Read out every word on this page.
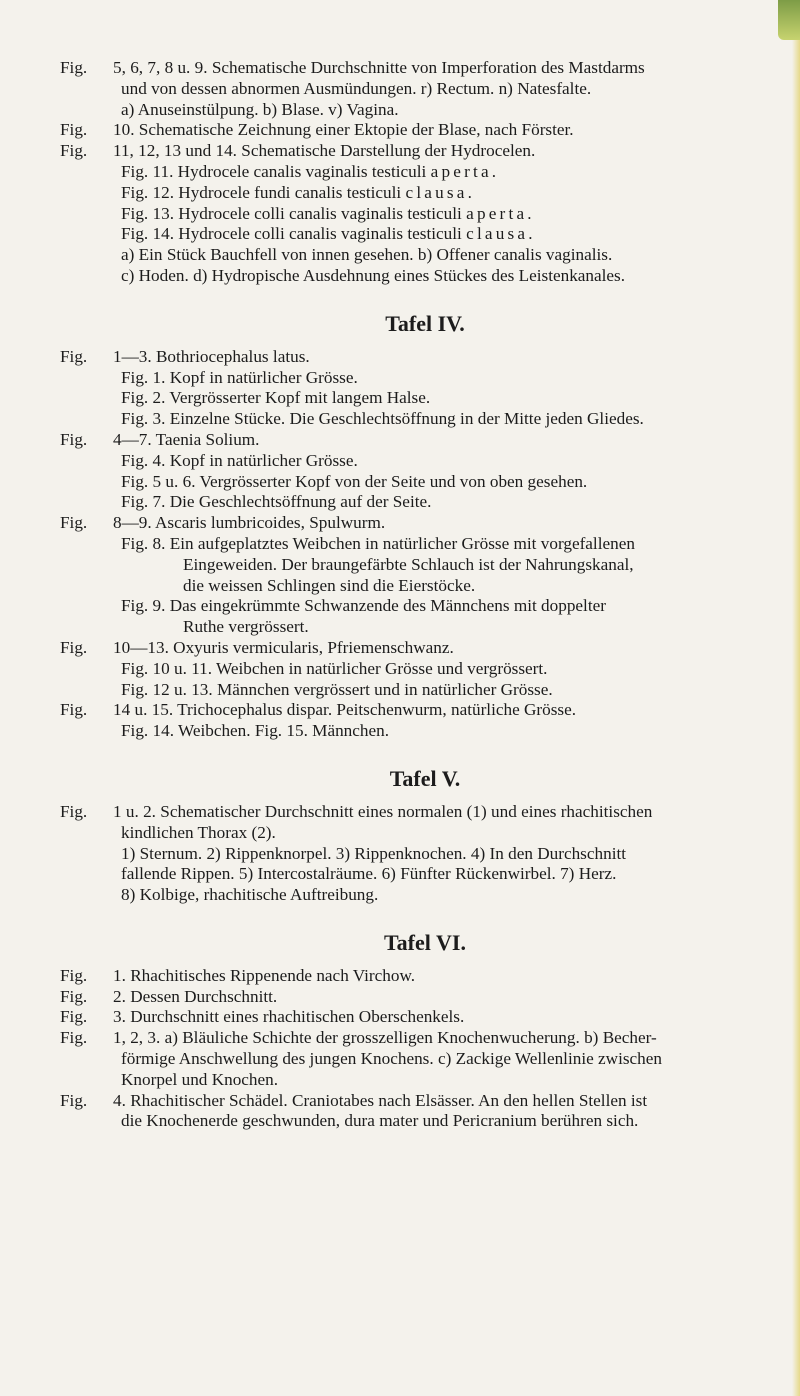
Fig. 5, 6, 7, 8 u. 9. Schematische Durchschnitte von Imperforation des Mastdarms
und von dessen abnormen Ausmündungen. r) Rectum. n) Natesfalte.
a) Anuseinstülpung. b) Blase. v) Vagina.
Fig. 10. Schematische Zeichnung einer Ektopie der Blase, nach Förster.
Fig. 11, 12, 13 und 14. Schematische Darstellung der Hydrocelen.
Fig. 11. Hydrocele canalis vaginalis testiculi aperta.
Fig. 12. Hydrocele fundi canalis testiculi clausa.
Fig. 13. Hydrocele colli canalis vaginalis testiculi aperta.
Fig. 14. Hydrocele colli canalis vaginalis testiculi clausa.
a) Ein Stück Bauchfell von innen gesehen. b) Offener canalis vaginalis.
c) Hoden. d) Hydropische Ausdehnung eines Stückes des Leistenkanales.
Tafel IV.
Fig. 1—3. Bothriocephalus latus.
Fig. 1. Kopf in natürlicher Grösse.
Fig. 2. Vergrösserter Kopf mit langem Halse.
Fig. 3. Einzelne Stücke. Die Geschlechtsöffnung in der Mitte jeden Gliedes.
Fig. 4—7. Taenia Solium.
Fig. 4. Kopf in natürlicher Grösse.
Fig. 5 u. 6. Vergrösserter Kopf von der Seite und von oben gesehen.
Fig. 7. Die Geschlechtsöffnung auf der Seite.
Fig. 8—9. Ascaris lumbricoides, Spulwurm.
Fig. 8. Ein aufgeplatztes Weibchen in natürlicher Grösse mit vorgefallenen
Eingeweiden. Der braungefärbte Schlauch ist der Nahrungskanal,
die weissen Schlingen sind die Eierstöcke.
Fig. 9. Das eingekrümmte Schwanzende des Männchens mit doppelter
Ruthe vergrössert.
Fig. 10—13. Oxyuris vermicularis, Pfriemenschwanz.
Fig. 10 u. 11. Weibchen in natürlicher Grösse und vergrössert.
Fig. 12 u. 13. Männchen vergrössert und in natürlicher Grösse.
Fig. 14 u. 15. Trichocephalus dispar. Peitschenwurm, natürliche Grösse.
Fig. 14. Weibchen. Fig. 15. Männchen.
Tafel V.
Fig. 1 u. 2. Schematischer Durchschnitt eines normalen (1) und eines rhachitischen
kindlichen Thorax (2).
1) Sternum. 2) Rippenknorpel. 3) Rippenknochen. 4) In den Durchschnitt
fallende Rippen. 5) Intercostalräume. 6) Fünfter Rückenwirbel. 7) Herz.
8) Kolbige, rhachitische Auftreibung.
Tafel VI.
Fig. 1. Rhachitisches Rippenende nach Virchow.
Fig. 2. Dessen Durchschnitt.
Fig. 3. Durchschnitt eines rhachitischen Oberschenkels.
Fig. 1, 2, 3. a) Bläuliche Schichte der grosszelligen Knochenwucherung. b) Becher-
förmige Anschwellung des jungen Knochens. c) Zackige Wellenlinie zwischen
Knorpel und Knochen.
Fig. 4. Rhachitischer Schädel. Craniotabes nach Elsässer. An den hellen Stellen ist
die Knochenerde geschwunden, dura mater und Pericranium berühren sich.
